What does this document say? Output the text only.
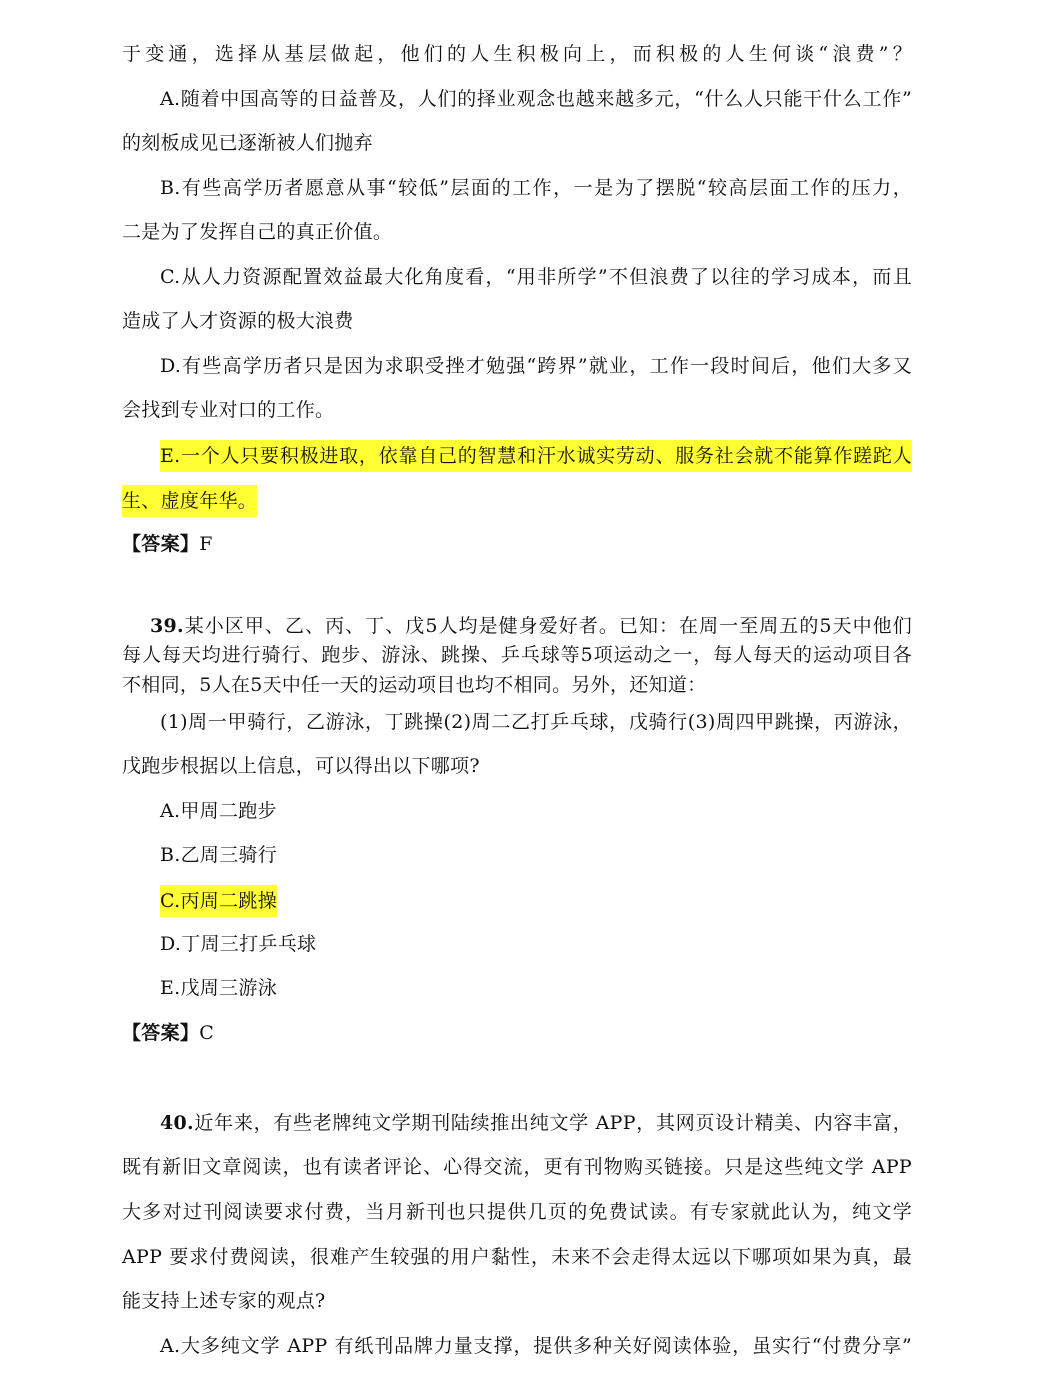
于变通，选择从基层做起，他们的人生积极向上，而积极的人生何谈“浪费”？
A.随着中国高等的日益普及，人们的择业观念也越来越多元，“什么人只能干什么工作”
的刻板成见已逐渐被人们抛弃
B.有些高学历者愿意从事“较低”层面的工作，一是为了摆脱“较高层面工作的压力，
二是为了发挥自己的真正价值。
C.从人力资源配置效益最大化角度看，“用非所学”不但浪费了以往的学习成本，而且
造成了人才资源的极大浪费
D.有些高学历者只是因为求职受挫才勉强“跨界”就业，工作一段时间后，他们大多又
会找到专业对口的工作。
E.一个人只要积极进取，依靠自己的智慧和汗水诚实劳动、服务社会就不能算作蹉跎人
生、虚度年华。
【答案】F
39.某小区甲、乙、丙、丁、戊5人均是健身爱好者。已知：在周一至周五的5天中他们
每人每天均进行骑行、跑步、游泳、跳操、乒乓球等5项运动之一，每人每天的运动项目各
不相同，5人在5天中任一天的运动项目也均不相同。另外，还知道：
(1)周一甲骑行，乙游泳，丁跳操(2)周二乙打乒乓球，戊骑行(3)周四甲跳操，丙游泳，
戊跑步根据以上信息，可以得出以下哪项?
A.甲周二跑步
B.乙周三骑行
C.丙周二跳操
D.丁周三打乒乓球
E.戊周三游泳
【答案】C
40.近年来，有些老牌纯文学期刊陆续推出纯文学 APP，其网页设计精美、内容丰富，
既有新旧文章阅读，也有读者评论、心得交流，更有刊物购买链接。只是这些纯文学 APP
大多对过刊阅读要求付费，当月新刊也只提供几页的免费试读。有专家就此认为，纯文学
APP 要求付费阅读，很难产生较强的用户黏性，未来不会走得太远以下哪项如果为真，最
能支持上述专家的观点?
A.大多纯文学 APP 有纸刊品牌力量支撑，提供多种关好阅读体验，虽实行“付费分享”
